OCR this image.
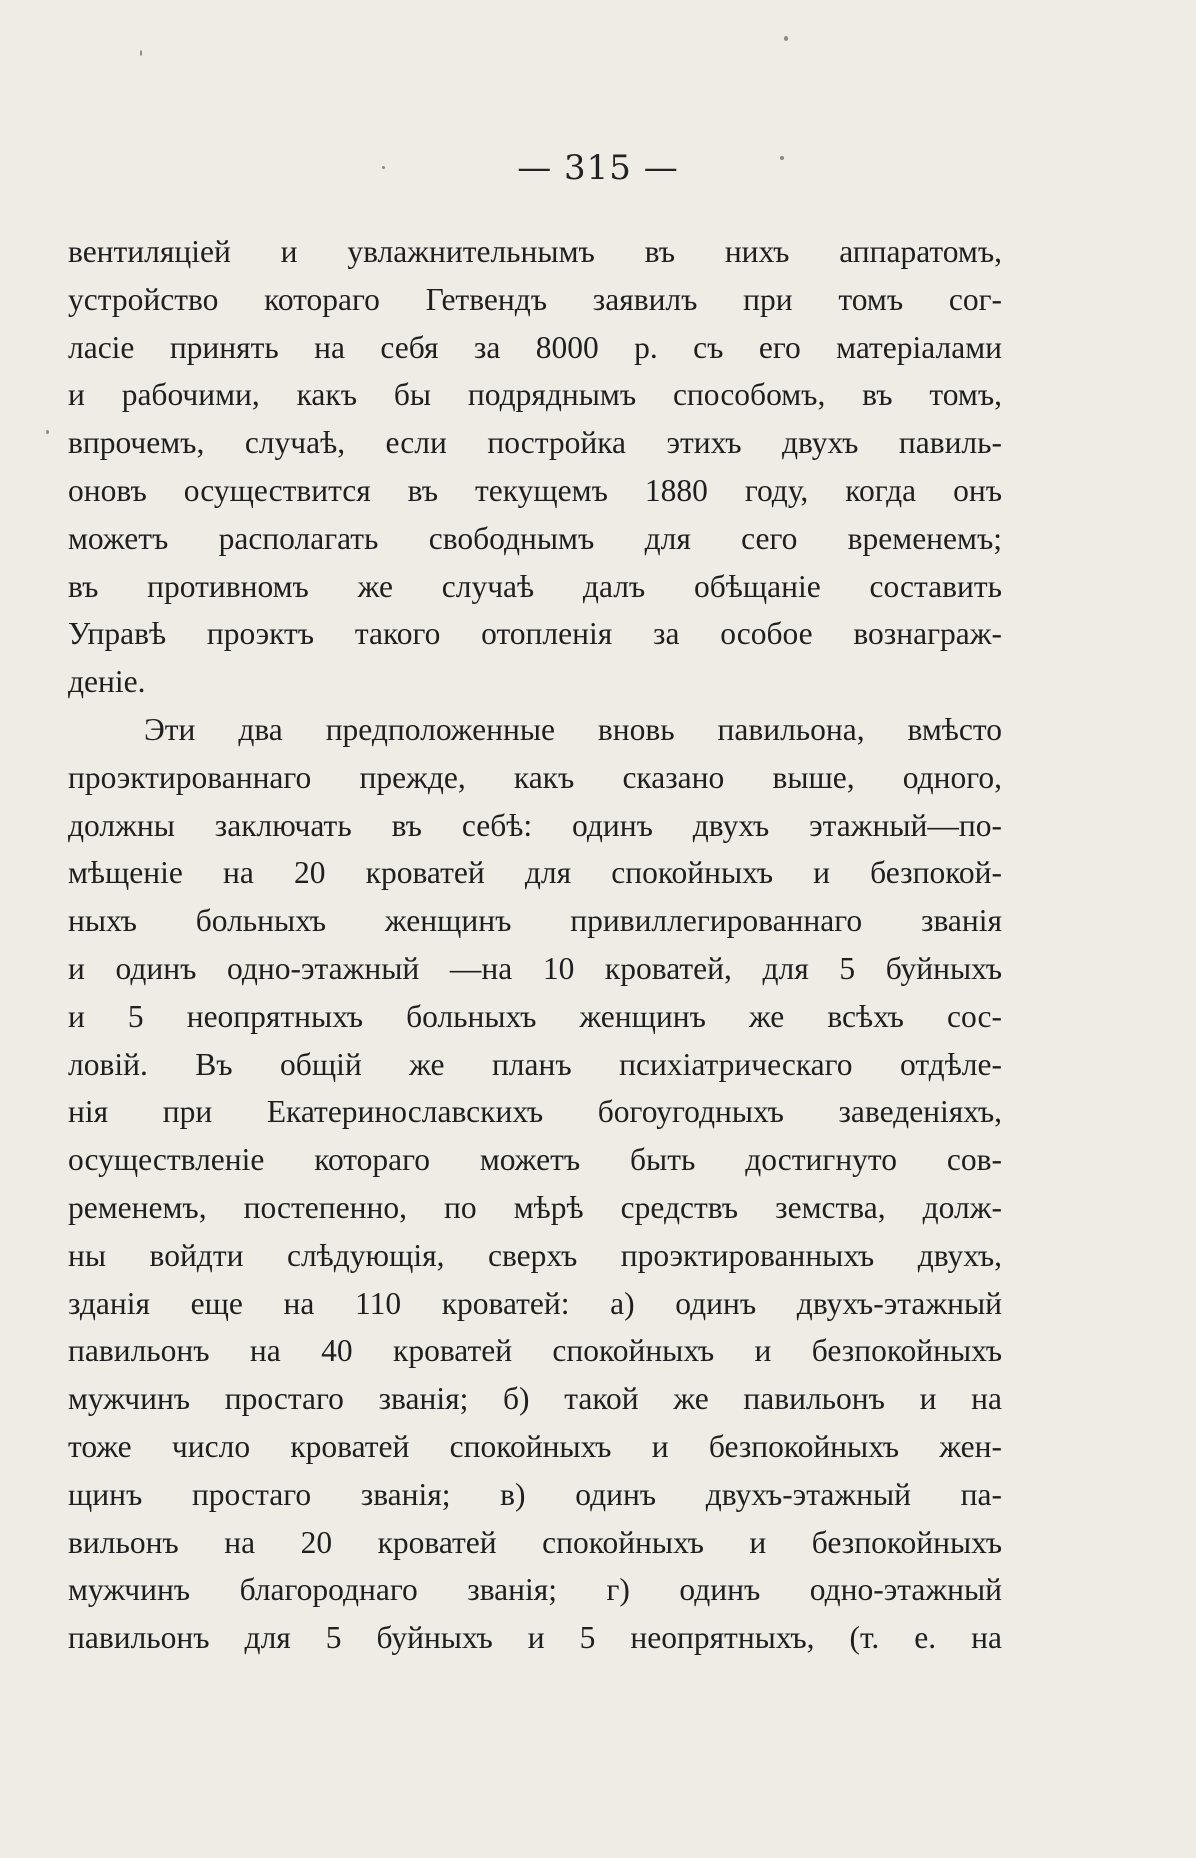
— 315 —
вентиляціей и увлажнительнымъ въ нихъ аппаратомъ,
устройство котораго Гетвендъ заявилъ при томъ сог-
ласіе принять на себя за 8000 р. съ его матеріалами
и рабочими, какъ бы подряднымъ способомъ, въ томъ,
впрочемъ, случаѣ, если постройка этихъ двухъ павиль-
оновъ осуществится въ текущемъ 1880 году, когда онъ
можетъ располагать свободнымъ для сего временемъ;
въ противномъ же случаѣ далъ обѣщаніе составить
Управѣ проэктъ такого отопленія за особое вознаграж-
деніе.
Эти два предположенные вновь павильона, вмѣсто
проэктированнаго прежде, какъ сказано выше, одного,
должны заключать въ себѣ: одинъ двухъ этажный—по-
мѣщеніе на 20 кроватей для спокойныхъ и безпокой-
ныхъ больныхъ женщинъ привиллегированнаго званія
и одинъ одно-этажный —на 10 кроватей, для 5 буйныхъ
и 5 неопрятныхъ больныхъ женщинъ же всѣхъ сос-
ловій. Въ общій же планъ психіатрическаго отдѣле-
нія при Екатеринославскихъ богоугодныхъ заведеніяхъ,
осуществленіе котораго можетъ быть достигнуто сов-
ременемъ, постепенно, по мѣрѣ средствъ земства, долж-
ны войдти слѣдующія, сверхъ проэктированныхъ двухъ,
зданія еще на 110 кроватей: а) одинъ двухъ-этажный
павильонъ на 40 кроватей спокойныхъ и безпокойныхъ
мужчинъ простаго званія; б) такой же павильонъ и на
тоже число кроватей спокойныхъ и безпокойныхъ жен-
щинъ простаго званія; в) одинъ двухъ-этажный па-
вильонъ на 20 кроватей спокойныхъ и безпокойныхъ
мужчинъ благороднаго званія; г) одинъ одно-этажный
павильонъ для 5 буйныхъ и 5 неопрятныхъ, (т. е. на
